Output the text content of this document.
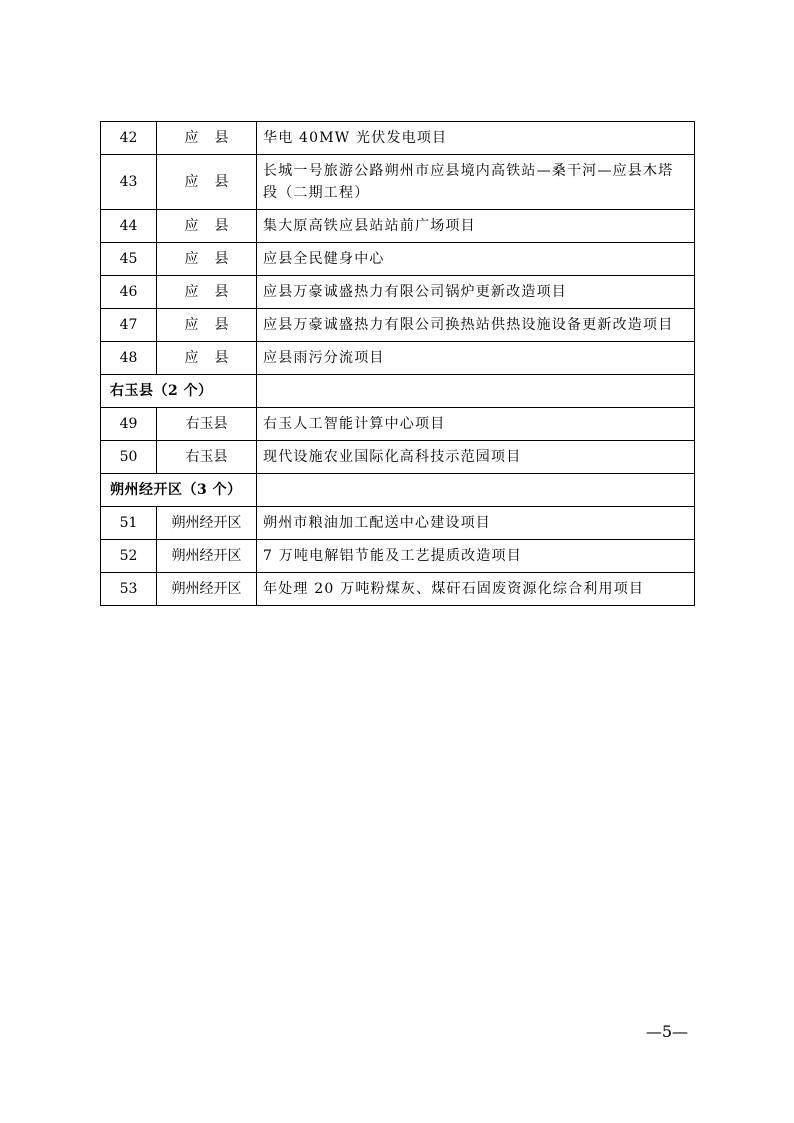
42	应县	华电 40MW 光伏发电项目
43	应县	长城一号旅游公路朔州市应县境内高铁站—桑干河—应县木塔段（二期工程）
44	应县	集大原高铁应县站站前广场项目
45	应县	应县全民健身中心
46	应县	应县万豪诚盛热力有限公司锅炉更新改造项目
47	应县	应县万豪诚盛热力有限公司换热站供热设施设备更新改造项目
48	应县	应县雨污分流项目
右玉县（2 个）		
49	右玉县	右玉人工智能计算中心项目
50	右玉县	现代设施农业国际化高科技示范园项目
朔州经开区（3 个）		
51	朔州经开区	朔州市粮油加工配送中心建设项目
52	朔州经开区	7 万吨电解铝节能及工艺提质改造项目
53	朔州经开区	年处理 20 万吨粉煤灰、煤矸石固废资源化综合利用项目
—5—
